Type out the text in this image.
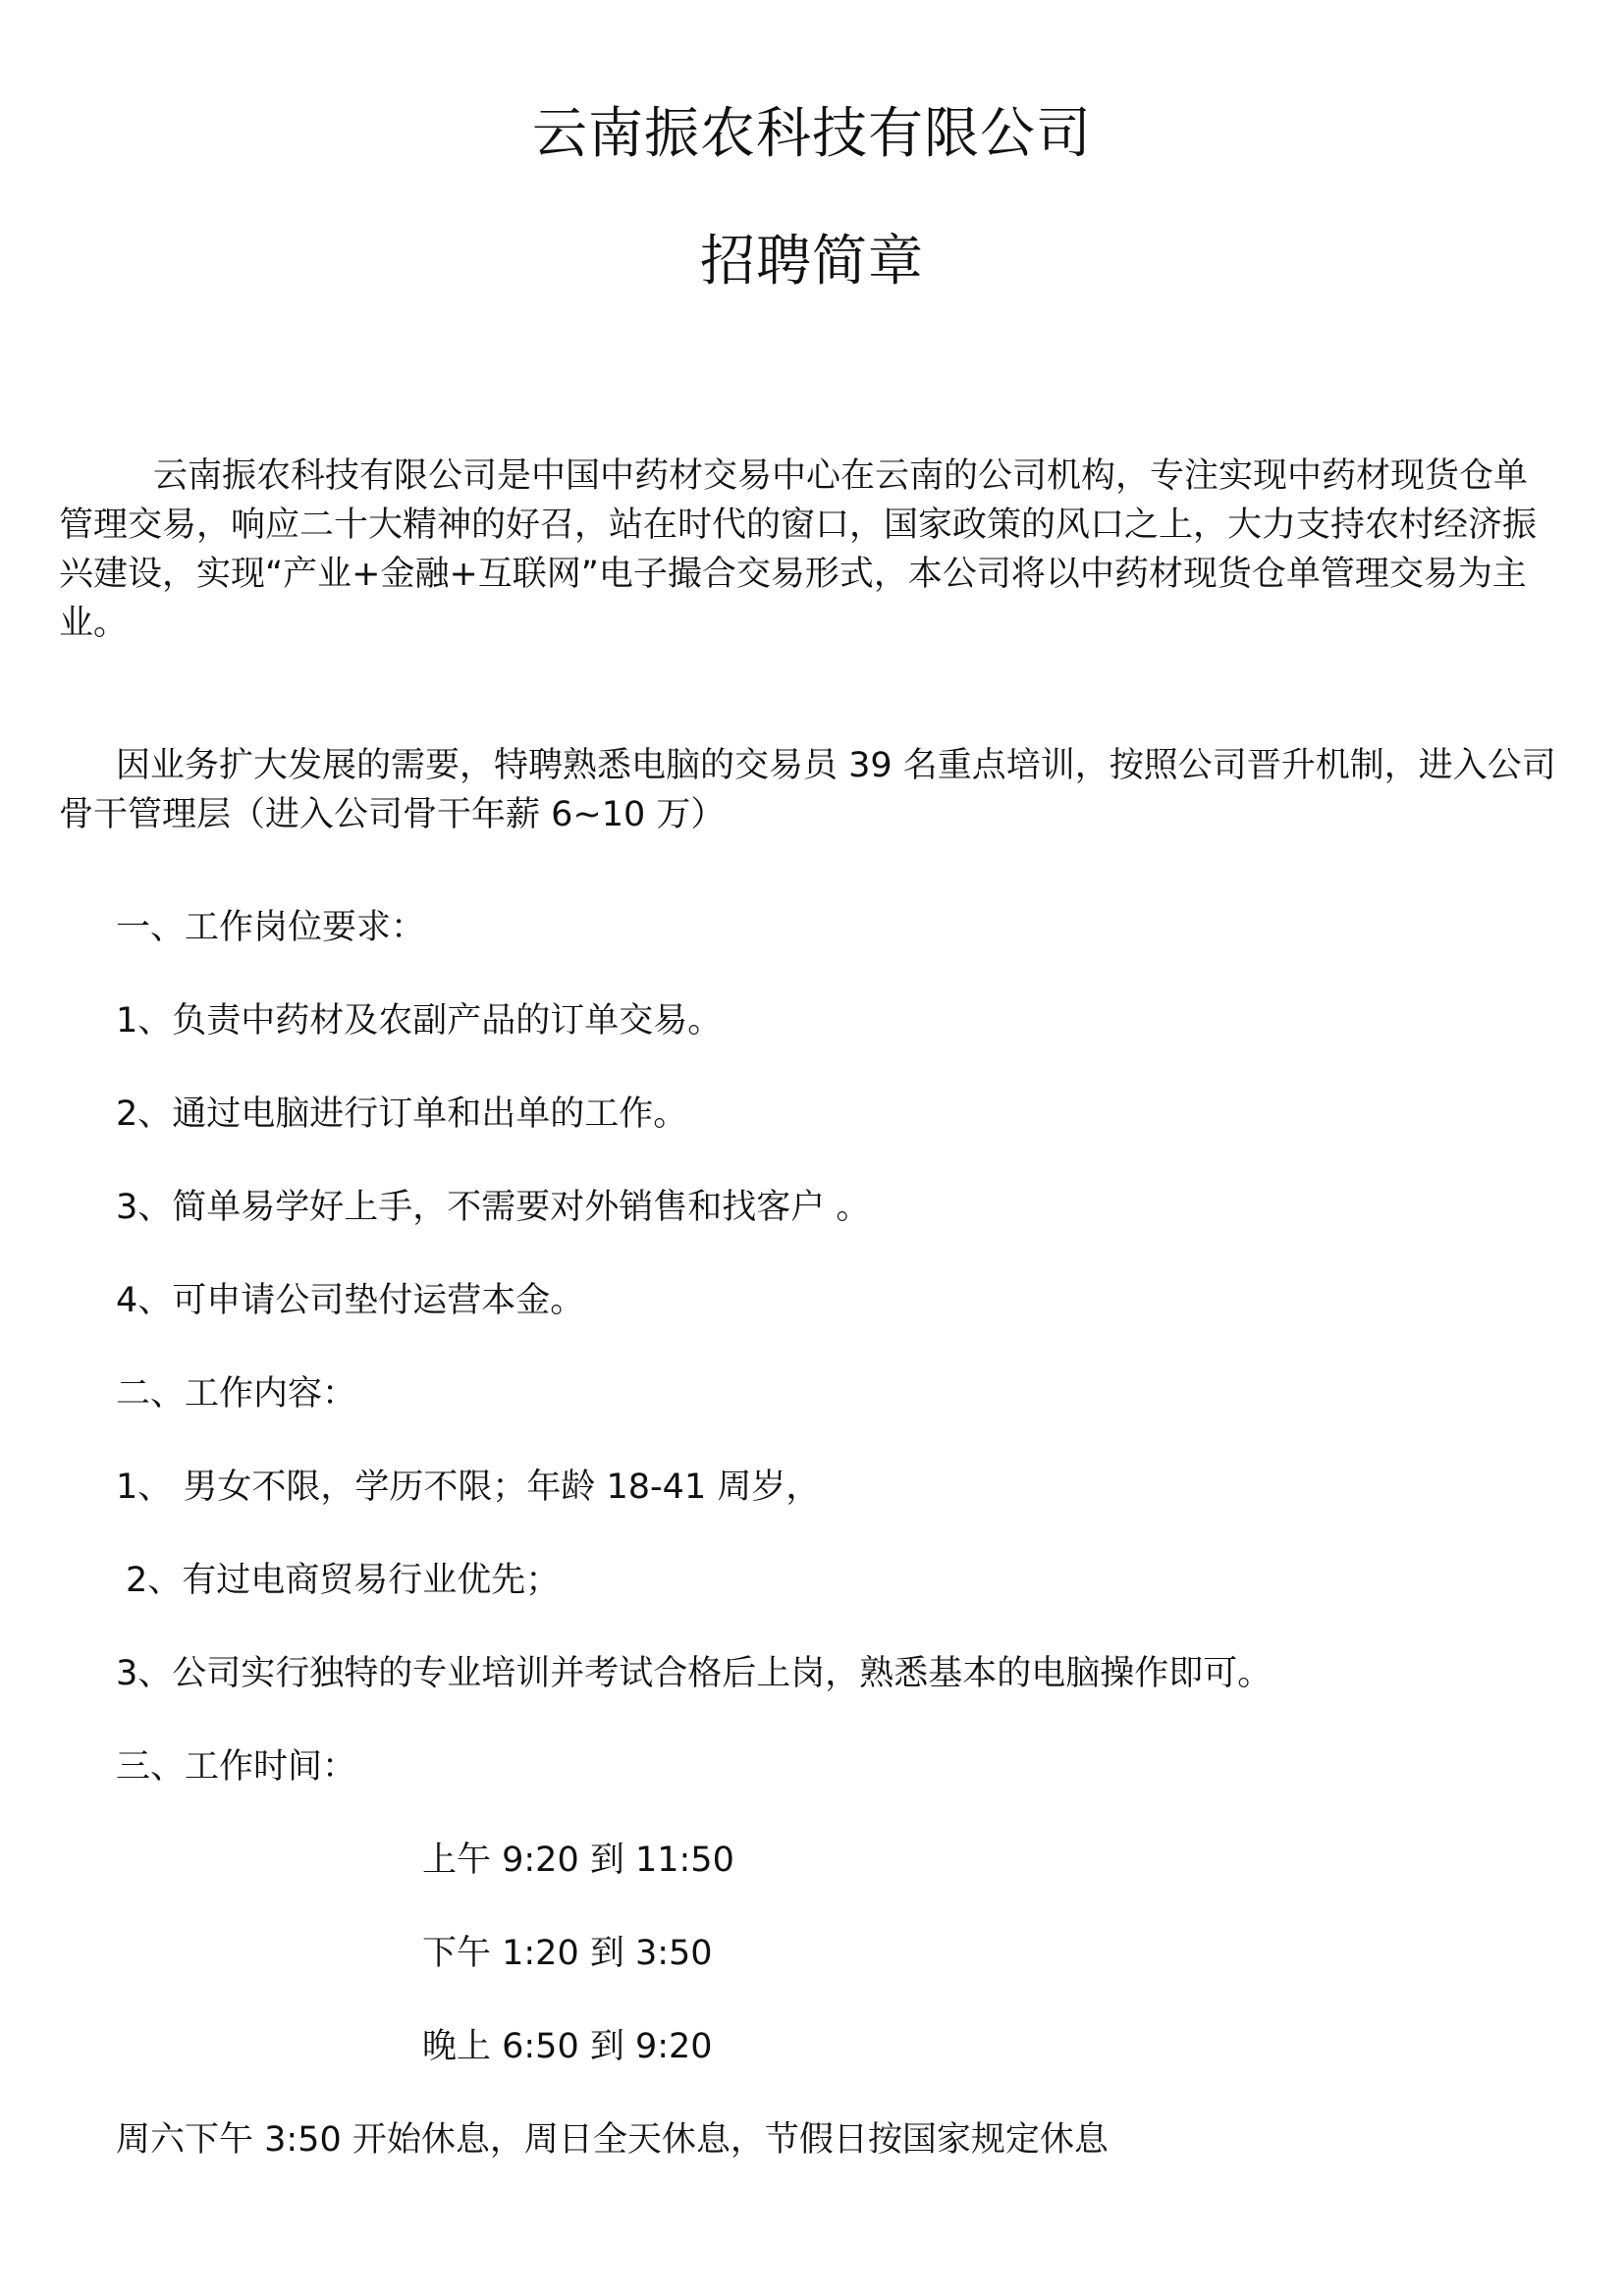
云南振农科技有限公司
招聘简章

云南振农科技有限公司是中国中药材交易中心在云南的公司机构，专注实现中药材现货仓单管理交易，响应二十大精神的好召，站在时代的窗口，国家政策的风口之上，大力支持农村经济振兴建设，实现“产业+金融+互联网”电子撮合交易形式，本公司将以中药材现货仓单管理交易为主业。

因业务扩大发展的需要，特聘熟悉电脑的交易员 39 名重点培训，按照公司晋升机制，进入公司骨干管理层（进入公司骨干年薪 6~10 万）

一、工作岗位要求：
1、负责中药材及农副产品的订单交易。
2、通过电脑进行订单和出单的工作。
3、简单易学好上手，不需要对外销售和找客户 。
4、可申请公司垫付运营本金。
二、工作内容：
1、 男女不限，学历不限；年龄 18-41 周岁，
2、有过电商贸易行业优先；
3、公司实行独特的专业培训并考试合格后上岗，熟悉基本的电脑操作即可。
三、工作时间：
上午 9:20 到 11:50
下午 1:20 到 3:50
晚上 6:50 到 9:20
周六下午 3:50 开始休息，周日全天休息，节假日按国家规定休息
